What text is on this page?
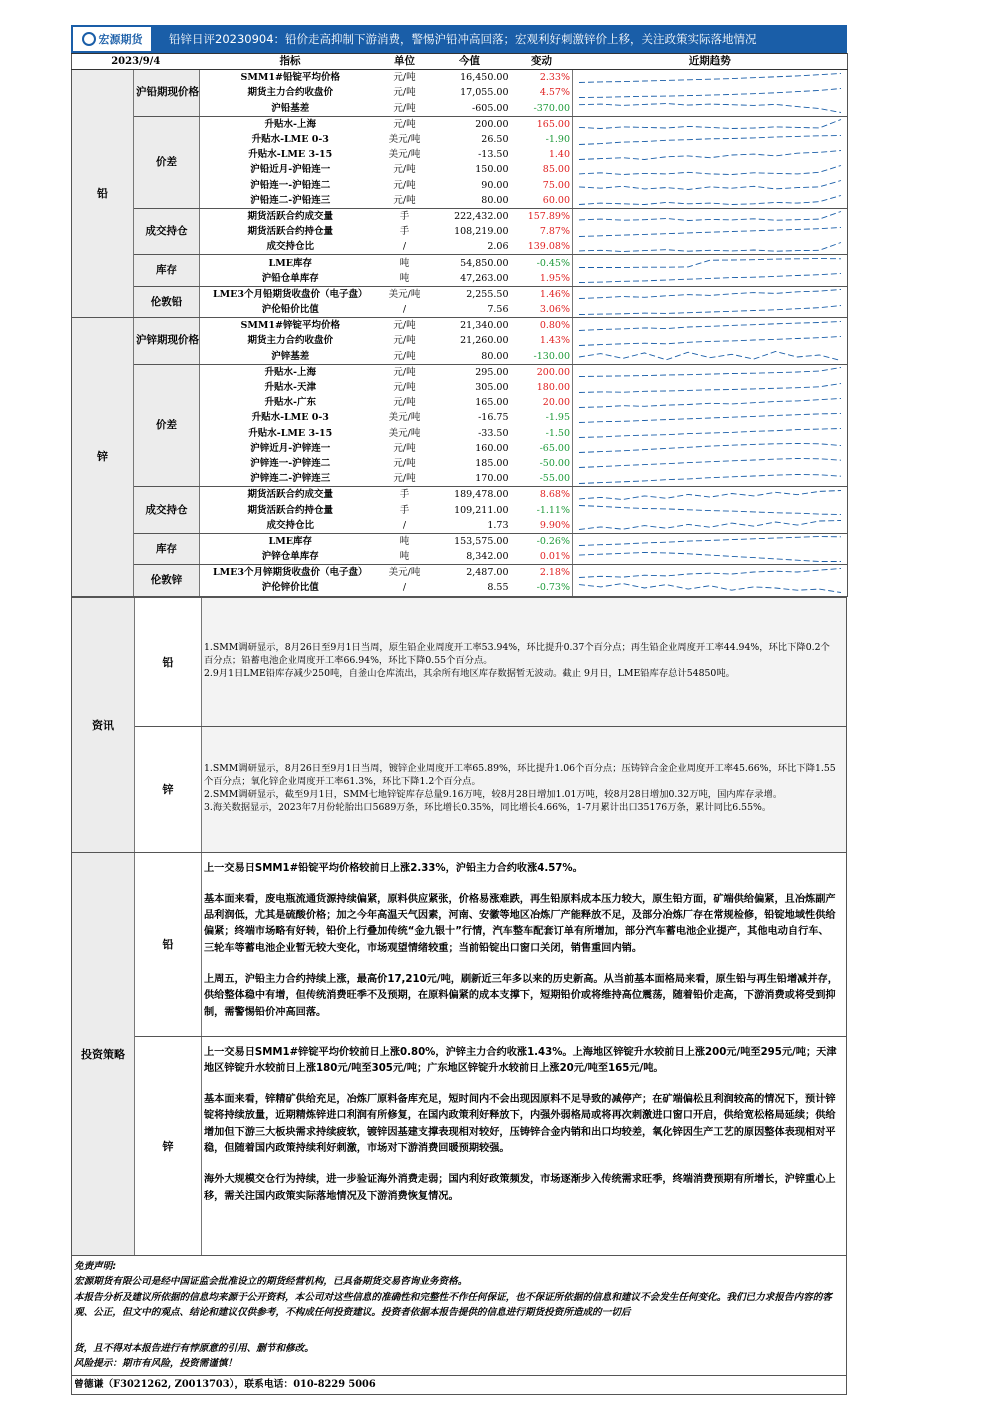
宏源期货 铅锌日评20230904：铅价走高抑制下游消费，警惕沪铅冲高回落；宏观利好刺激锌价上移，关注政策实际落地情况
2023/9/4		指标	单位	今值	变动	近期趋势
铅	沪铅期现价格	SMM1#铅锭平均价格	元/吨	16,450.00	2.33%	

		期货主力合约收盘价	元/吨	17,055.00	4.57%	

		沪铅基差	元/吨	-605.00	-370.00	

	价差	升贴水-上海	元/吨	200.00	165.00	

		升贴水-LME 0-3	美元/吨	26.50	-1.90	

		升贴水-LME 3-15	美元/吨	-13.50	1.40	

		沪铅近月-沪铅连一	元/吨	150.00	85.00	

		沪铅连一-沪铅连二	元/吨	90.00	75.00	

		沪铅连二-沪铅连三	元/吨	80.00	60.00	

	成交持仓	期货活跃合约成交量	手	222,432.00	157.89%	

		期货活跃合约持仓量	手	108,219.00	7.87%	

		成交持仓比	/	2.06	139.08%	

	库存	LME库存	吨	54,850.00	-0.45%	

		沪铅仓单库存	吨	47,263.00	1.95%	

	伦敦铅	LME3个月铅期货收盘价（电子盘）	美元/吨	2,255.50	1.46%	

		沪伦铅价比值	/	7.56	3.06%	

锌	沪锌期现价格	SMM1#锌锭平均价格	元/吨	21,340.00	0.80%	

		期货主力合约收盘价	元/吨	21,260.00	1.43%	

		沪锌基差	元/吨	80.00	-130.00	

	价差	升贴水-上海	元/吨	295.00	200.00	

		升贴水-天津	元/吨	305.00	180.00	

		升贴水-广东	元/吨	165.00	20.00	

		升贴水-LME 0-3	美元/吨	-16.75	-1.95	

		升贴水-LME 3-15	美元/吨	-33.50	-1.50	

		沪锌近月-沪锌连一	元/吨	160.00	-65.00	

		沪锌连一-沪锌连二	元/吨	185.00	-50.00	

		沪锌连二-沪锌连三	元/吨	170.00	-55.00	

	成交持仓	期货活跃合约成交量	手	189,478.00	8.68%	

		期货活跃合约持仓量	手	109,211.00	-1.11%	

		成交持仓比	/	1.73	9.90%	

	库存	LME库存	吨	153,575.00	-0.26%	

		沪锌仓单库存	吨	8,342.00	0.01%	

	伦敦锌	LME3个月锌期货收盘价（电子盘）	美元/吨	2,487.00	2.18%	

		沪伦锌价比值	/	8.55	-0.73%	
资讯
铅

1.SMM调研显示，8月26日至9月1日当周，原生铅企业周度开工率53.94%，环比提升0.37个百分点；再生铅企业周度开工率44.94%，环比下降0.2个百分点；铅蓄电池企业周度开工率66.94%，环比下降0.55个百分点。

2.9月1日LME铅库存减少250吨，自釜山仓库流出，其余所有地区库存数据暂无波动。截止 9月日，LME铅库存总计54850吨。

锌

1.SMM调研显示，8月26日至9月1日当周，镀锌企业周度开工率65.89%，环比提升1.06个百分点；压铸锌合金企业周度开工率45.66%，环比下降1.55个百分点；氧化锌企业周度开工率61.3%，环比下降1.2个百分点。

2.SMM调研显示，截至9月1日，SMM七地锌锭库存总量9.16万吨，较8月28日增加1.01万吨，较8月28日增加0.32万吨，国内库存录增。

3.海关数据显示，2023年7月份轮胎出口5689万条，环比增长0.35%，同比增长4.66%，1-7月累计出口35176万条，累计同比6.55%。

投资策略
铅

上一交易日SMM1#铅锭平均价格较前日上涨2.33%，沪铅主力合约收涨4.57%。

基本面来看，废电瓶流通货源持续偏紧，原料供应紧张，价格易涨难跌，再生铅原料成本压力较大，原生铅方面，矿端供给偏紧，且冶炼副产品利润低，尤其是硫酸价格；加之今年高温天气因素，河南、安徽等地区冶炼厂产能释放不足，及部分冶炼厂存在常规检修，铅锭地域性供给偏紧；终端市场略有好转，铅价上行叠加传统“金九银十”行情，汽车整车配套订单有所增加，部分汽车蓄电池企业提产，其他电动自行车、三轮车等蓄电池企业暂无较大变化，市场观望情绪较重；当前铅锭出口窗口关闭，销售重回内销。

上周五，沪铅主力合约持续上涨，最高价17,210元/吨，刷新近三年多以来的历史新高。从当前基本面格局来看，原生铅与再生铅增减并存，供给整体稳中有增，但传统消费旺季不及预期，在原料偏紧的成本支撑下，短期铅价或将维持高位震荡，随着铅价走高，下游消费或将受到抑制，需警惕铅价冲高回落。

锌

上一交易日SMM1#锌锭平均价较前日上涨0.80%，沪锌主力合约收涨1.43%。上海地区锌锭升水较前日上涨200元/吨至295元/吨；天津地区锌锭升水较前日上涨180元/吨至305元/吨；广东地区锌锭升水较前日上涨20元/吨至165元/吨。

基本面来看，锌精矿供给充足，冶炼厂原料备库充足，短时间内不会出现因原料不足导致的减停产；在矿端偏松且利润较高的情况下，预计锌锭将持续放量，近期精炼锌进口利润有所修复，在国内政策利好释放下，内强外弱格局或将再次刺激进口窗口开启，供给宽松格局延续；供给增加但下游三大板块需求持续疲软，镀锌因基建支撑表现相对较好，压铸锌合金内销和出口均较差，氧化锌因生产工艺的原因整体表现相对平稳，但随着国内政策持续利好刺激，市场对下游消费回暖预期较强。

海外大规模交仓行为持续，进一步验证海外消费走弱；国内利好政策频发，市场逐渐步入传统需求旺季，终端消费预期有所增长，沪锌重心上移，需关注国内政策实际落地情况及下游消费恢复情况。

免责声明:

宏源期货有限公司是经中国证监会批准设立的期货经营机构，已具备期货交易咨询业务资格。

本报告分析及建议所依据的信息均来源于公开资料，本公司对这些信息的准确性和完整性不作任何保证，也不保证所依据的信息和建议不会发生任何变化。我们已力求报告内容的客观、公正，但文中的观点、结论和建议仅供参考，不构成任何投资建议。投资者依据本报告提供的信息进行期货投资所造成的一切后

货，且不得对本报告进行有悖原意的引用、删节和修改。

风险提示：期市有风险，投资需谨慎！

曾德谦（F3021262, Z0013703），联系电话：010-8229 5006
